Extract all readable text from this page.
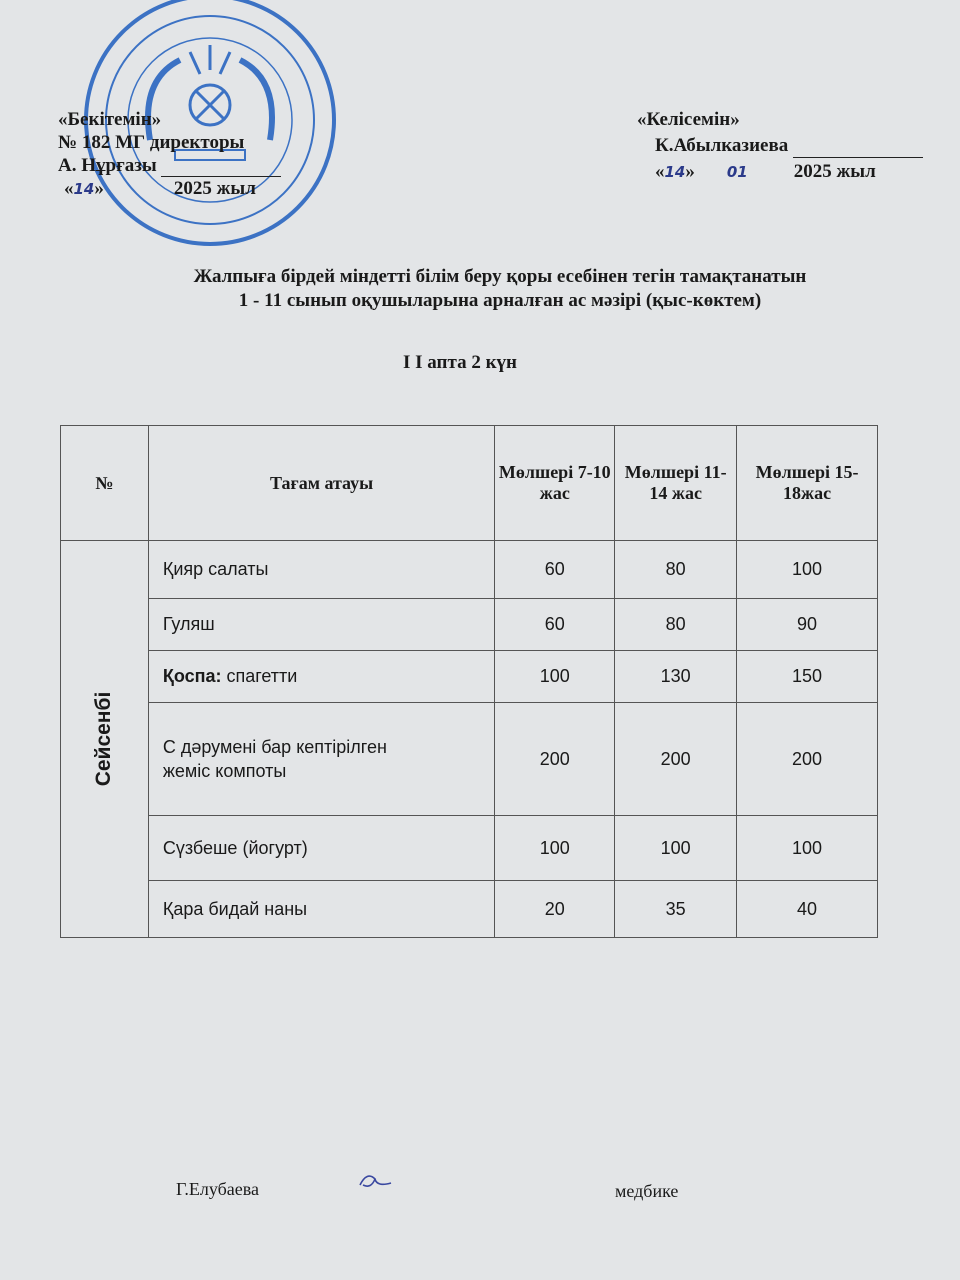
«Бекітемін»
№ 182 МГ директоры
А. Нұрғазы
«14»	2025 жыл
«Келісемін»
К.Абылказиева
«14» 01 2025 жыл
Жалпыға бірдей міндетті білім беру қоры есебінен тегін тамақтанатын
1 - 11 сынып оқушыларына арналған ас мәзірі (қыс-көктем)
І І апта 2 күн
№	Тағам атауы	Мөлшері 7-10 жас	Мөлшері 11-14 жас	Мөлшері 15-18жас

Сейсенбі	Қияр салаты	60	80	100
	Гуляш	60	80	90
	Қоспа: спагетти	100	130	150
	С дәрумені бар кептірілген жеміс компоты	200	200	200
	Сүзбеше (йогурт)	100	100	100
	Қара бидай наны	20	35	40
Г.Елубаева	медбике
